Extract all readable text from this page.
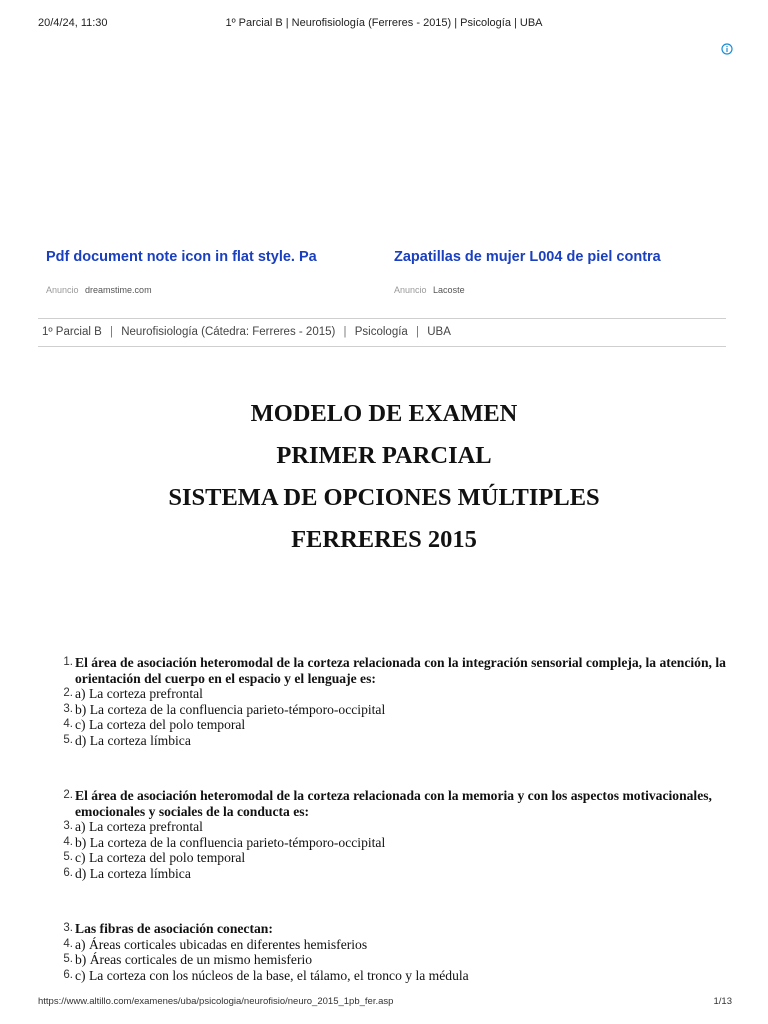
20/4/24, 11:30	1º Parcial B | Neurofisiología (Ferreres - 2015) | Psicología | UBA
Pdf document note icon in flat style. Pa
Anuncio dreamstime.com
Zapatillas de mujer L004 de piel contra
Anuncio Lacoste
1º Parcial B | Neurofisiología (Cátedra: Ferreres - 2015) | Psicología | UBA
MODELO DE EXAMEN
PRIMER PARCIAL
SISTEMA DE OPCIONES MÚLTIPLES
FERRERES 2015
1. El área de asociación heteromodal de la corteza relacionada con la integración sensorial compleja, la atención, la orientación del cuerpo en el espacio y el lenguaje es:
2. a) La corteza prefrontal
3. b) La corteza de la confluencia parieto-témporo-occipital
4. c) La corteza del polo temporal
5. d) La corteza límbica
2. El área de asociación heteromodal de la corteza relacionada con la memoria y con los aspectos motivacionales, emocionales y sociales de la conducta es:
3. a) La corteza prefrontal
4. b) La corteza de la confluencia parieto-témporo-occipital
5. c) La corteza del polo temporal
6. d) La corteza límbica
3. Las fibras de asociación conectan:
4. a) Áreas corticales ubicadas en diferentes hemisferios
5. b) Áreas corticales de un mismo hemisferio
6. c) La corteza con los núcleos de la base, el tálamo, el tronco y la médula
https://www.altillo.com/examenes/uba/psicologia/neurofisio/neuro_2015_1pb_fer.asp	1/13
